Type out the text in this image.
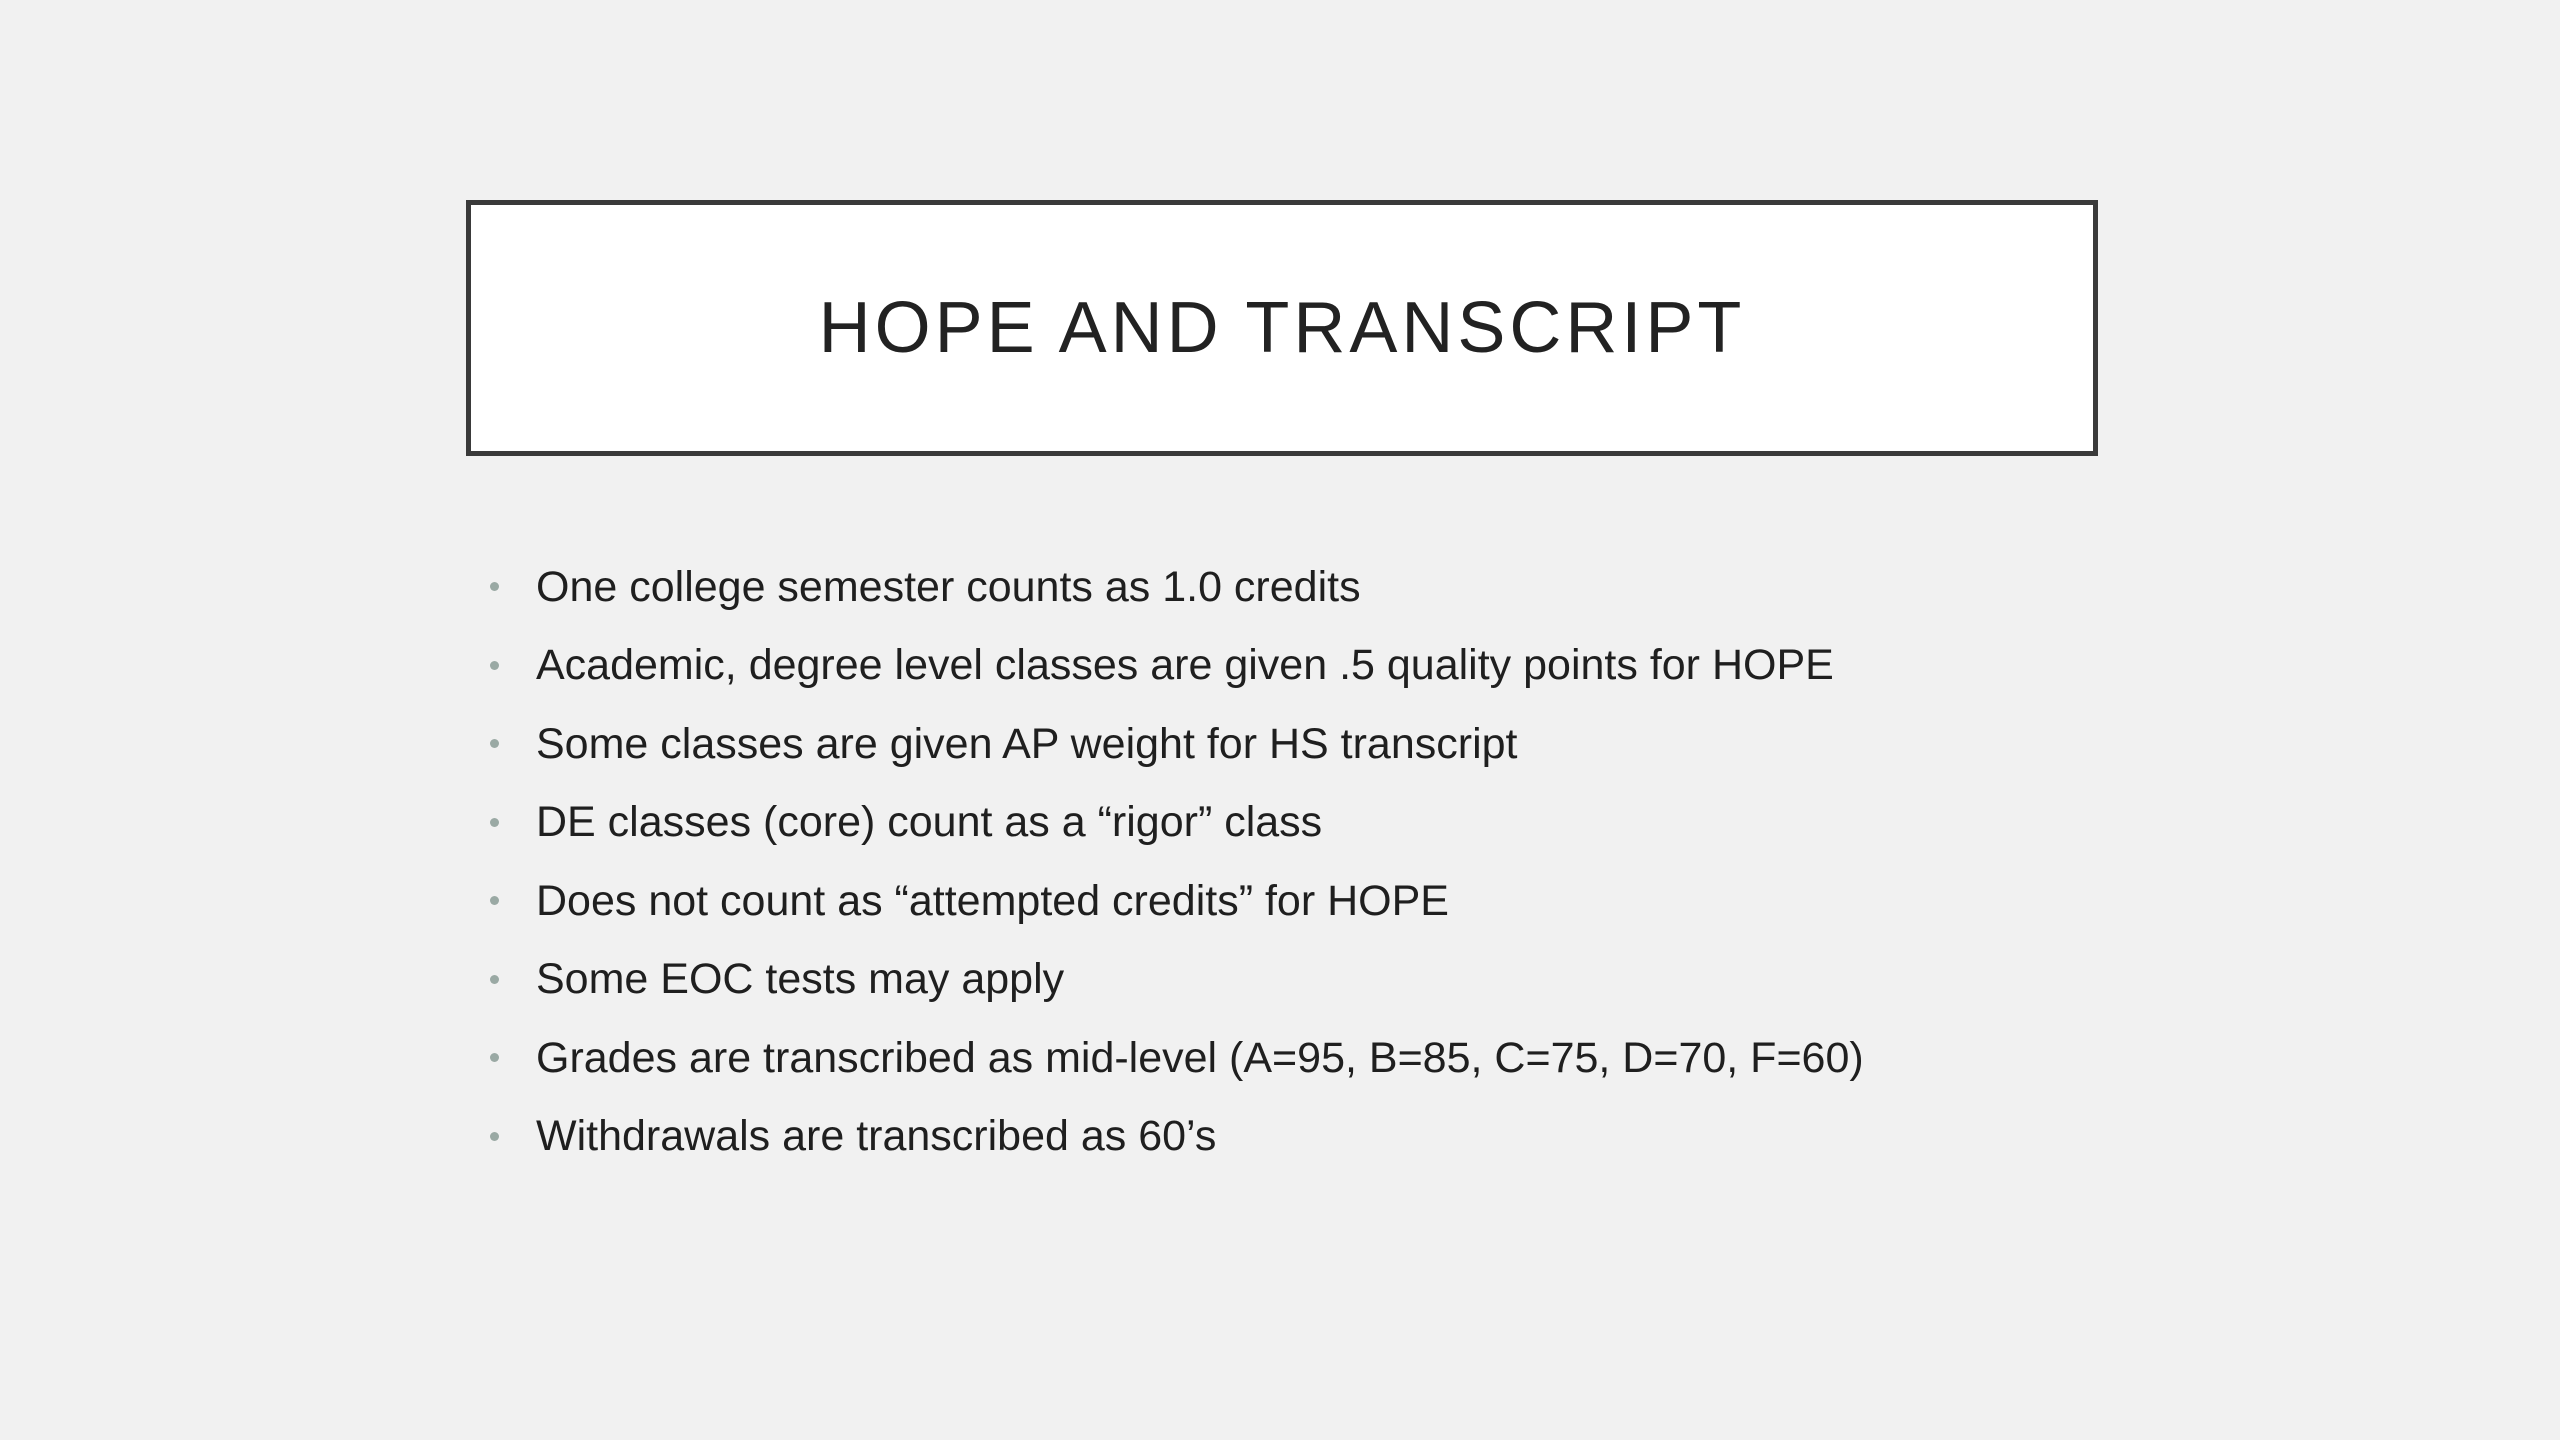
HOPE AND TRANSCRIPT
One college semester counts as 1.0 credits
Academic, degree level classes are given .5 quality points for HOPE
Some classes are given AP weight for HS transcript
DE classes (core) count as a “rigor” class
Does not count as “attempted credits” for HOPE
Some EOC tests may apply
Grades are transcribed as mid-level (A=95, B=85, C=75, D=70, F=60)
Withdrawals are transcribed as 60’s
